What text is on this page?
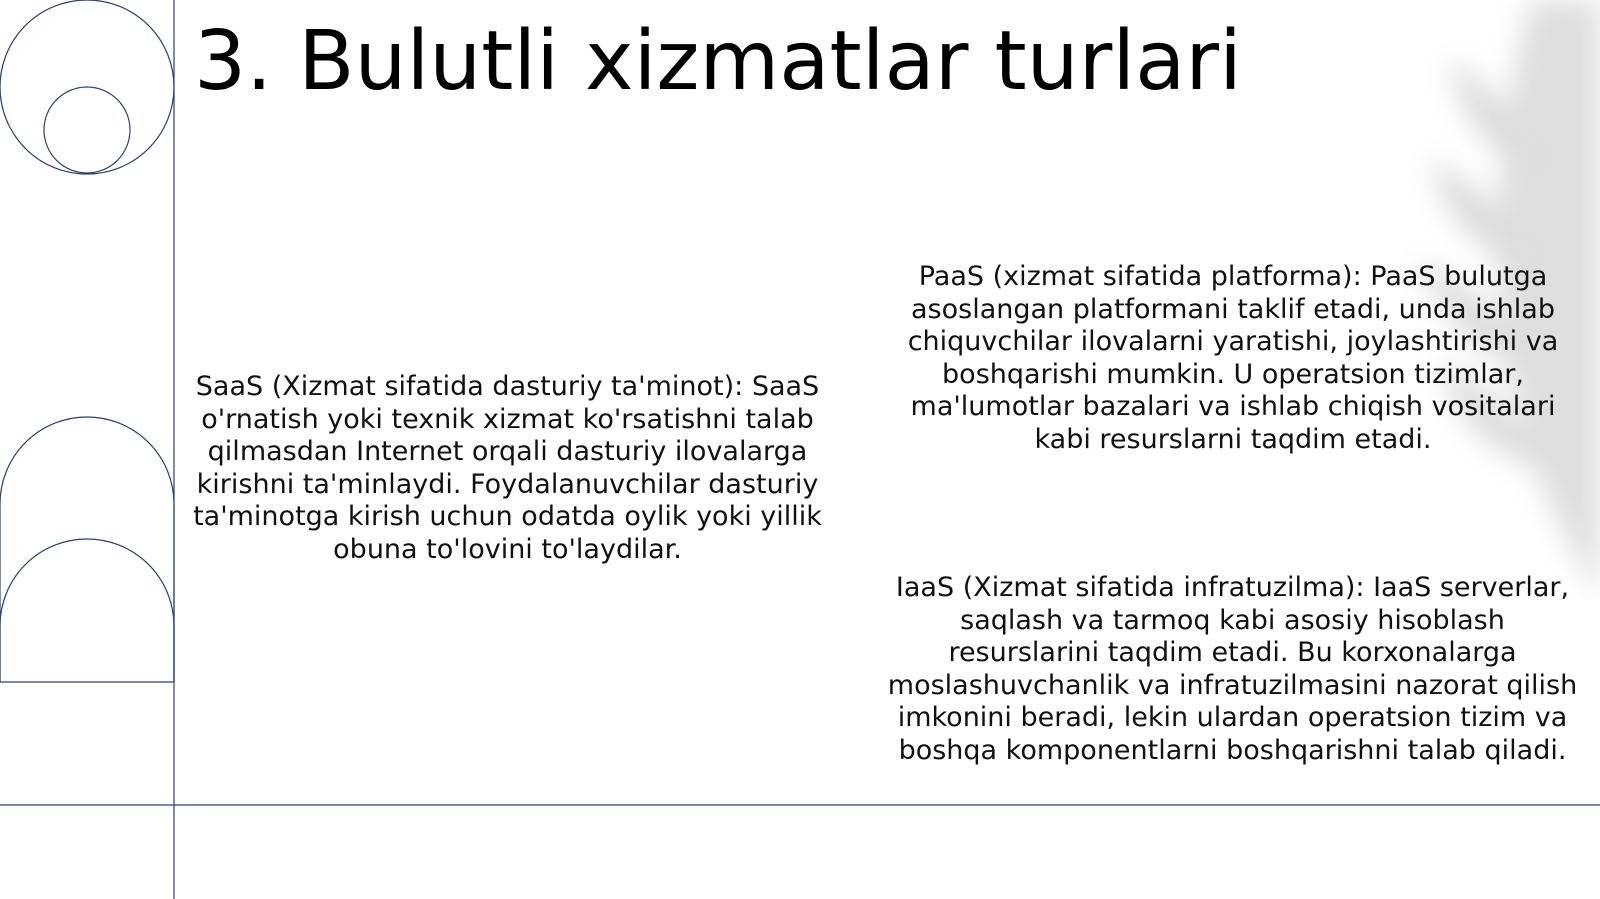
3. Bulutli xizmatlar turlari

SaaS (Xizmat sifatida dasturiy ta'minot): SaaS o'rnatish yoki texnik xizmat ko'rsatishni talab qilmasdan Internet orqali dasturiy ilovalarga kirishni ta'minlaydi. Foydalanuvchilar dasturiy ta'minotga kirish uchun odatda oylik yoki yillik obuna to'lovini to'laydilar.

PaaS (xizmat sifatida platforma): PaaS bulutga asoslangan platformani taklif etadi, unda ishlab chiquvchilar ilovalarni yaratishi, joylashtirishi va boshqarishi mumkin. U operatsion tizimlar, ma'lumotlar bazalari va ishlab chiqish vositalari kabi resurslarni taqdim etadi.

IaaS (Xizmat sifatida infratuzilma): IaaS serverlar, saqlash va tarmoq kabi asosiy hisoblash resurslarini taqdim etadi. Bu korxonalarga moslashuvchanlik va infratuzilmasini nazorat qilish imkonini beradi, lekin ulardan operatsion tizim va boshqa komponentlarni boshqarishni talab qiladi.
